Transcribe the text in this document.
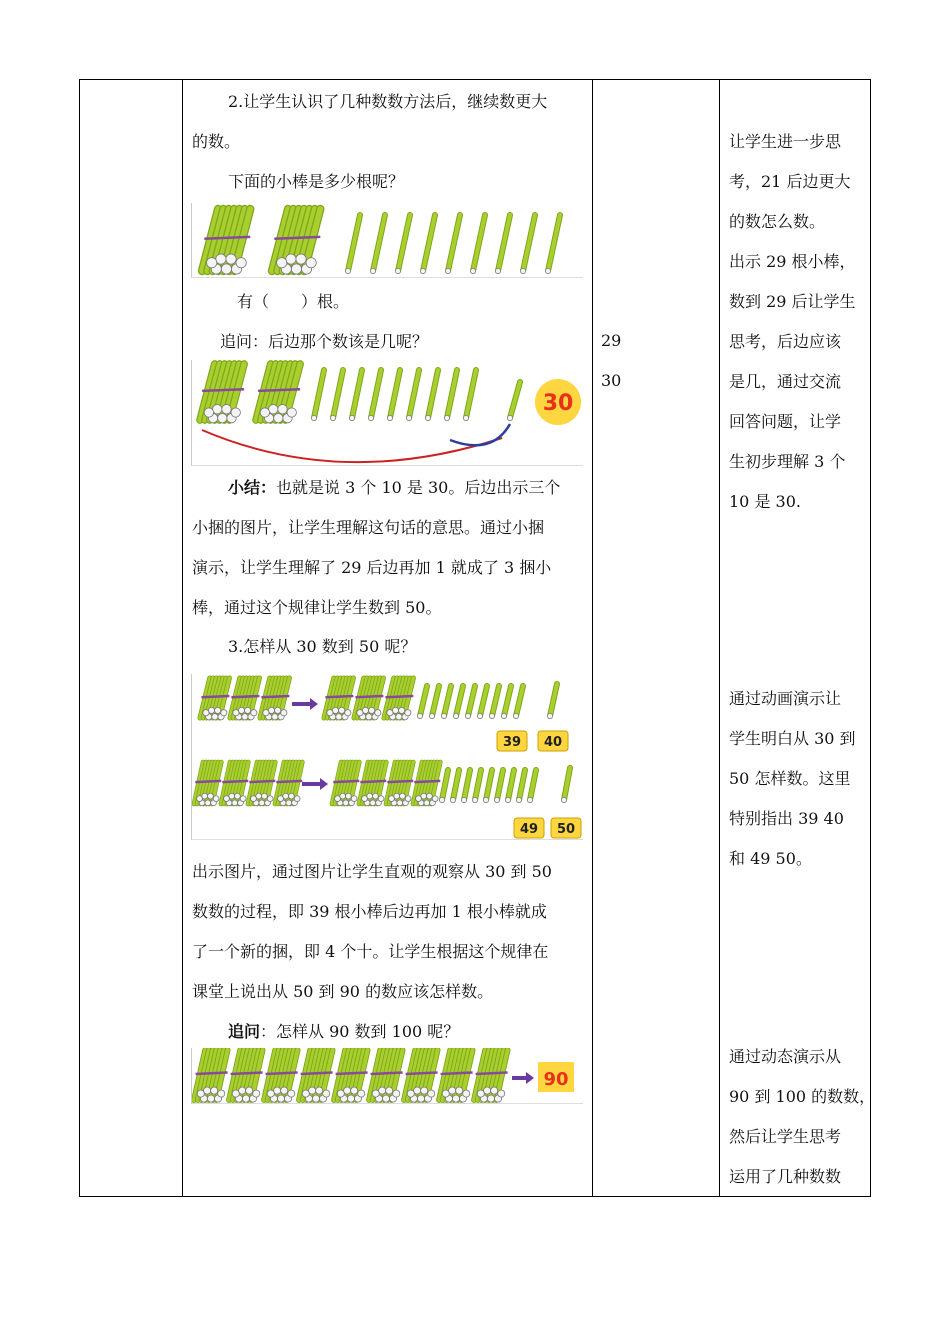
2.让学生认识了几种数数方法后，继续数更大
的数。
下面的小棒是多少根呢？
有（　　）根。
追问：后边那个数该是几呢？
30
小结：也就是说 3 个 10 是 30。后边出示三个
小捆的图片，让学生理解这句话的意思。通过小捆
演示，让学生理解了 29 后边再加 1 就成了 3 捆小
棒，通过这个规律让学生数到 50。
3.怎样从 30 数到 50 呢？
39 40
49 50
出示图片，通过图片让学生直观的观察从 30 到 50
数数的过程，即 39 根小棒后边再加 1 根小棒就成
了一个新的捆，即 4 个十。让学生根据这个规律在
课堂上说出从 50 到 90 的数应该怎样数。
追问：怎样从 90 数到 100 呢？
90
29
30
让学生进一步思
考，21 后边更大
的数怎么数。
出示 29 根小棒，
数到 29 后让学生
思考，后边应该
是几，通过交流
回答问题，让学
生初步理解 3 个
10 是 30.
通过动画演示让
学生明白从 30 到
50 怎样数。这里
特别指出 39 40
和 49 50。
通过动态演示从
90 到 100 的数数，
然后让学生思考
运用了几种数数
